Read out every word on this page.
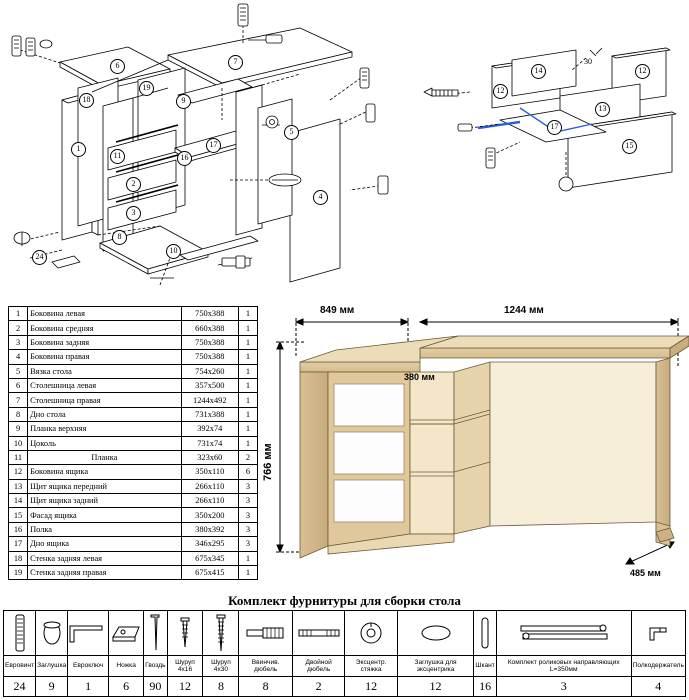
1
2
3
4
5
6	7
8
9
10
11	16
17
18
19
24
12
12
13
14
15
17
30
1	Боковина левая	750х388	1
2	Боковина средняя	660х388	1
3	Боковина задняя	750х388	1
4	Боковина правая	750х388	1
5	Вязка стола	754х260	1
6	Столешница левая	357х500	1
7	Столешница правая	1244х492	1
8	Дно стола	731х388	1
9	Планка верхняя	392х74	1
10	Цоколь	731х74	1
11	Планка	323х60	2
12	Боковина ящика	350х110	6
13	Щит ящика передний	266х110	3
14	Щит ящика задний	266х110	3
15	Фасад ящика	350х200	3
16	Полка	380х392	3
17	Дно ящика	346х295	3
18	Стенка задняя левая	675х345	1
19	Стенка задняя правая	675х415	1
849 мм	1244 мм
380 мм
766 мм
485 мм
Комплект фурнитуры для сборки стола

Евровинт	Заглушка	Евроключ	Ножка	Гвоздь	Шуруп 4х16	Шуруп 4х30	Ввинчив. дюбель	Двойной дюбель	Эксцентр. стяжка	Заглушка для эксцентрика	Шкант	Комплект роликовых направляющих L=350мм	Полкодержатель
24	9	1	6	90	12	8	8	2	12	12	16	3	4
